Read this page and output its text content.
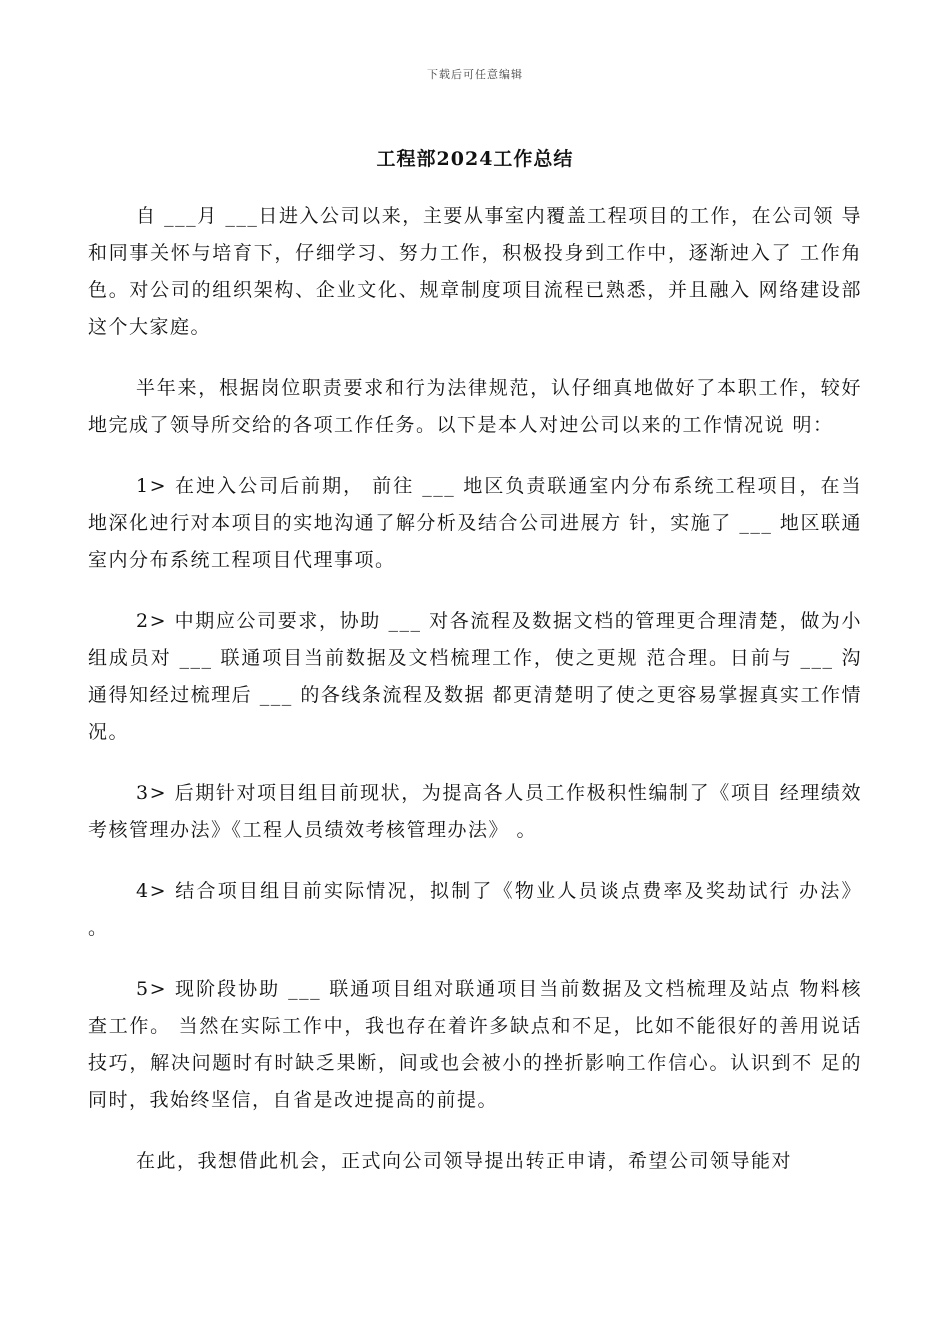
下载后可任意编辑
工程部2024工作总结

自 ___月 ___日进入公司以来，主要从事室内覆盖工程项目的工作，在公司领 导和同事关怀与培育下，仔细学习、努力工作，积极投身到工作中，逐渐迚入了 工作角色。对公司的组织架构、企业文化、规章制度项目流程已熟悉，并且融入 网络建设部这个大家庭。

半年来，根据岗位职责要求和行为法律规范，认仔细真地做好了本职工作，较好 地完成了领导所交给的各项工作任务。以下是本人对迚公司以来的工作情况说 明：

1> 在迚入公司后前期， 前往 ___ 地区负责联通室内分布系统工程项目，在当地深化迚行对本项目的实地沟通了解分析及结合公司进展方 针，实施了 ___ 地区联通室内分布系统工程项目代理事项。

2> 中期应公司要求，协助 ___ 对各流程及数据文档的管理更合理清楚，做为小组成员对 ___ 联通项目当前数据及文档梳理工作，使之更规 范合理。日前与 ___ 沟通得知经过梳理后 ___ 的各线条流程及数据 都更清楚明了使之更容易掌握真实工作情况。

3> 后期针对项目组目前现状，为提高各人员工作极积性编制了《项目 经理绩效考核管理办法》《工程人员绩效考核管理办法》 。

4> 结合项目组目前实际情况，拟制了《物业人员谈点费率及奖劫试行 办法》 。

5> 现阶段协助 ___ 联通项目组对联通项目当前数据及文档梳理及站点 物料核查工作。 当然在实际工作中，我也存在着许多缺点和不足，比如不能很好的善用说话 技巧，解决问题时有时缺乏果断，间或也会被小的挫折影响工作信心。认识到不 足的同时，我始终坚信，自省是改迚提高的前提。

在此，我想借此机会，正式向公司领导提出转正申请，希望公司领导能对
